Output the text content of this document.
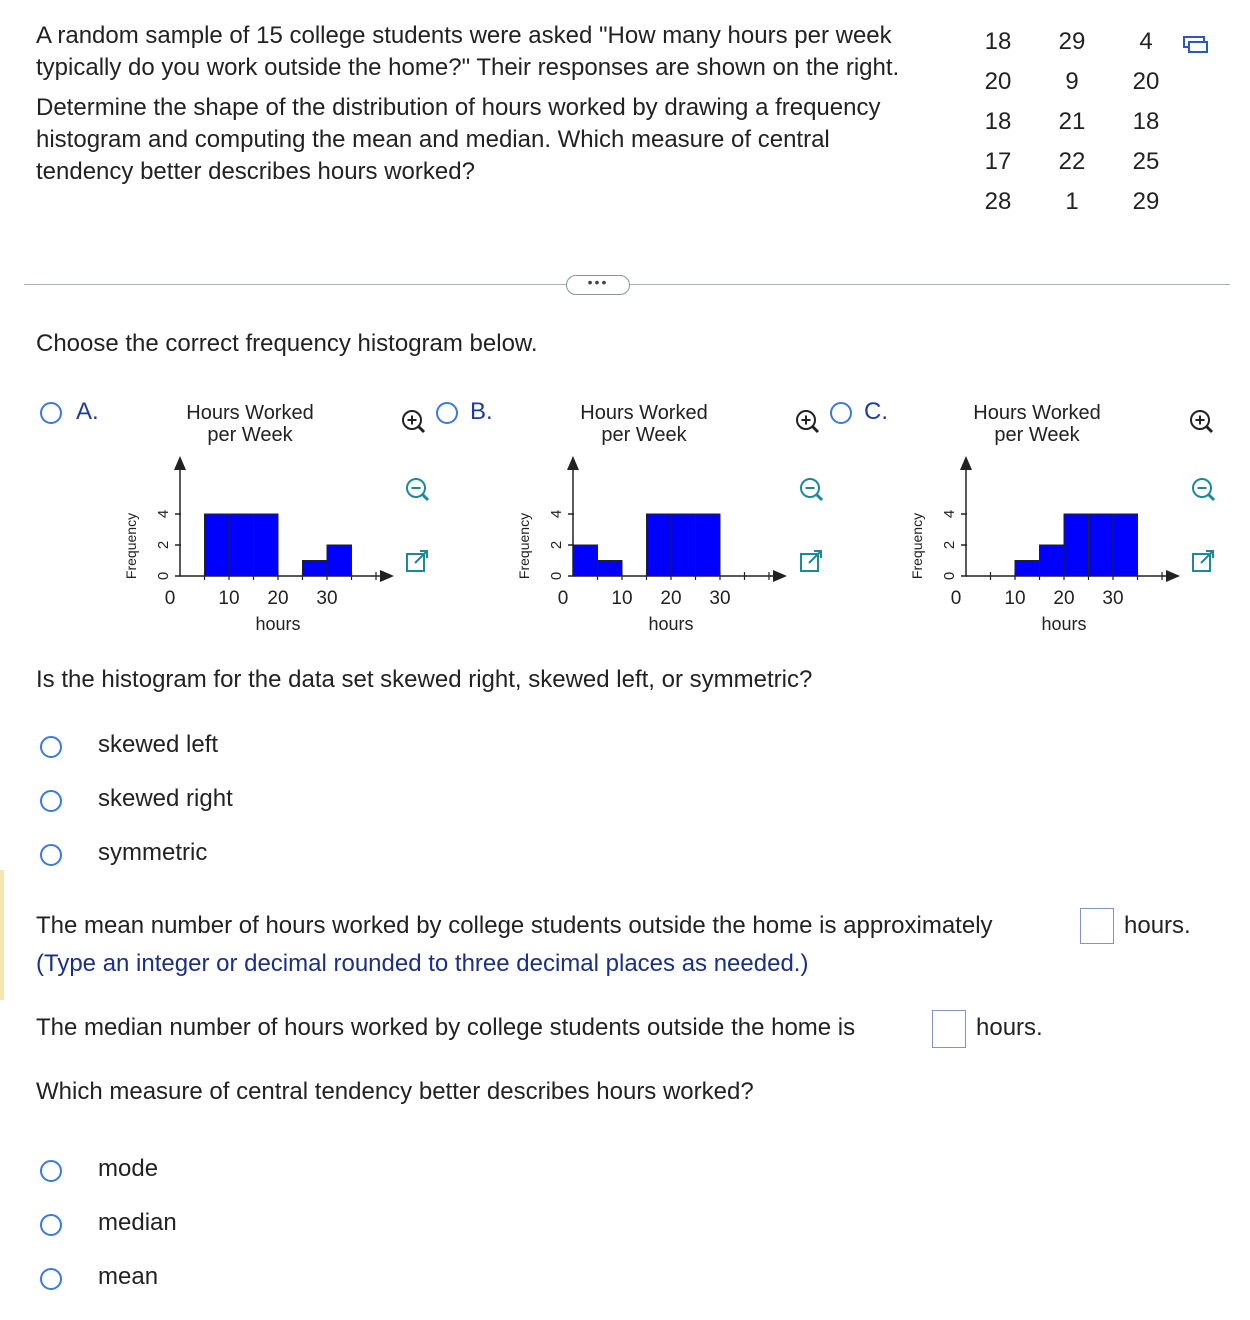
A random sample of 15 college students were asked "How many hours per week
typically do you work outside the home?" Their responses are shown on the right.
Determine the shape of the distribution of hours worked by drawing a frequency
histogram and computing the mean and median. Which measure of central
tendency better describes hours worked?
18	29	4
20	9	20
18	21	18
17	22	25
28	1	29
•••
Choose the correct frequency histogram below.
A.	Hours Worked
per Week
Frequency 0
2
4
0 10 20 30
hours
B.	Hours Worked
per Week
Frequency 0
2
4
0 10 20 30
hours
C.	Hours Worked
per Week
Frequency 0
2
4
0 10 20 30
hours
Is the histogram for the data set skewed right, skewed left, or symmetric?
skewed left
skewed right
symmetric
The mean number of hours worked by college students outside the home is approximately	hours.
(Type an integer or decimal rounded to three decimal places as needed.)
The median number of hours worked by college students outside the home is	hours.
Which measure of central tendency better describes hours worked?
mode
median
mean
